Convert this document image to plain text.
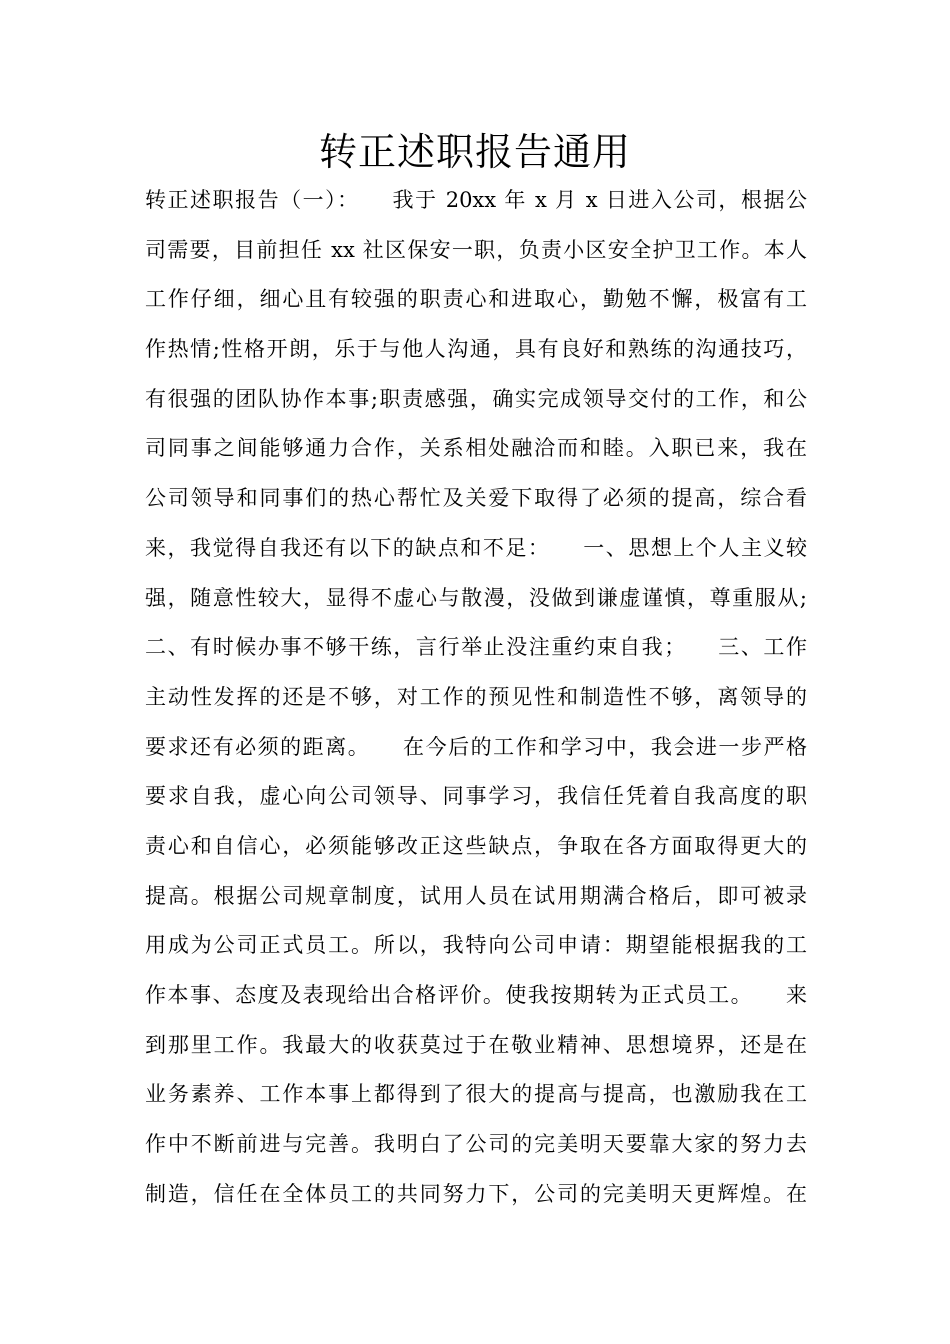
转正述职报告通用
转正述职报告（一）：    我于 20xx 年 x 月 x 日进入公司，根据公
司需要，目前担任 xx 社区保安一职，负责小区安全护卫工作。本人
工作仔细，细心且有较强的职责心和进取心，勤勉不懈，极富有工
作热情;性格开朗，乐于与他人沟通，具有良好和熟练的沟通技巧，
有很强的团队协作本事;职责感强，确实完成领导交付的工作，和公
司同事之间能够通力合作，关系相处融洽而和睦。入职已来，我在
公司领导和同事们的热心帮忙及关爱下取得了必须的提高，综合看
来，我觉得自我还有以下的缺点和不足：    一、思想上个人主义较
强，随意性较大，显得不虚心与散漫，没做到谦虚谨慎，尊重服从;
二、有时候办事不够干练，言行举止没注重约束自我；    三、工作
主动性发挥的还是不够，对工作的预见性和制造性不够，离领导的
要求还有必须的距离。    在今后的工作和学习中，我会进一步严格
要求自我，虚心向公司领导、同事学习，我信任凭着自我高度的职
责心和自信心，必须能够改正这些缺点，争取在各方面取得更大的
提高。根据公司规章制度，试用人员在试用期满合格后，即可被录
用成为公司正式员工。所以，我特向公司申请：期望能根据我的工
作本事、态度及表现给出合格评价。使我按期转为正式员工。    来
到那里工作。我最大的收获莫过于在敬业精神、思想境界，还是在
业务素养、工作本事上都得到了很大的提高与提高，也激励我在工
作中不断前进与完善。我明白了公司的完美明天要靠大家的努力去
制造，信任在全体员工的共同努力下，公司的完美明天更辉煌。在
